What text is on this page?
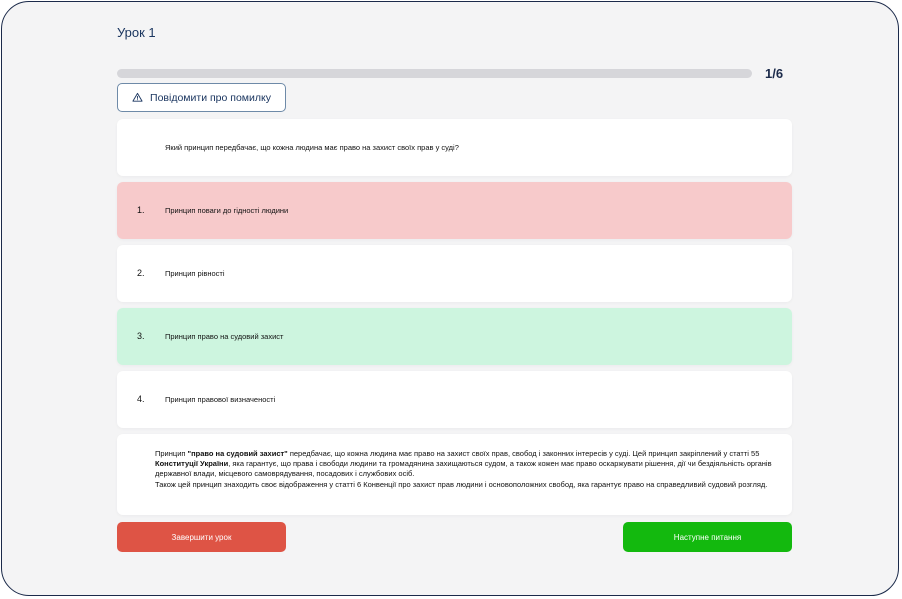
Урок 1
1/6
Повідомити про помилку
Який принцип передбачає, що кожна людина має право на захист своїх прав у суді?
1.	Принцип поваги до гідності людини
2.	Принцип рівності
3.	Принцип право на судовий захист
4.	Принцип правової визначеності
Принцип "право на судовий захист" передбачає, що кожна людина має право на захист своїх прав, свобод і законних інтересів у суді. Цей принцип закріплений у статті 55 Конституції України, яка гарантує, що права і свободи людини та громадянина захищаються судом, а також кожен має право оскаржувати рішення, дії чи бездіяльність органів державної влади, місцевого самоврядування, посадових і службових осіб.
Також цей принцип знаходить своє відображення у статті 6 Конвенції про захист прав людини і основоположних свобод, яка гарантує право на справедливий судовий розгляд.
Завершити урок	Наступне питання
